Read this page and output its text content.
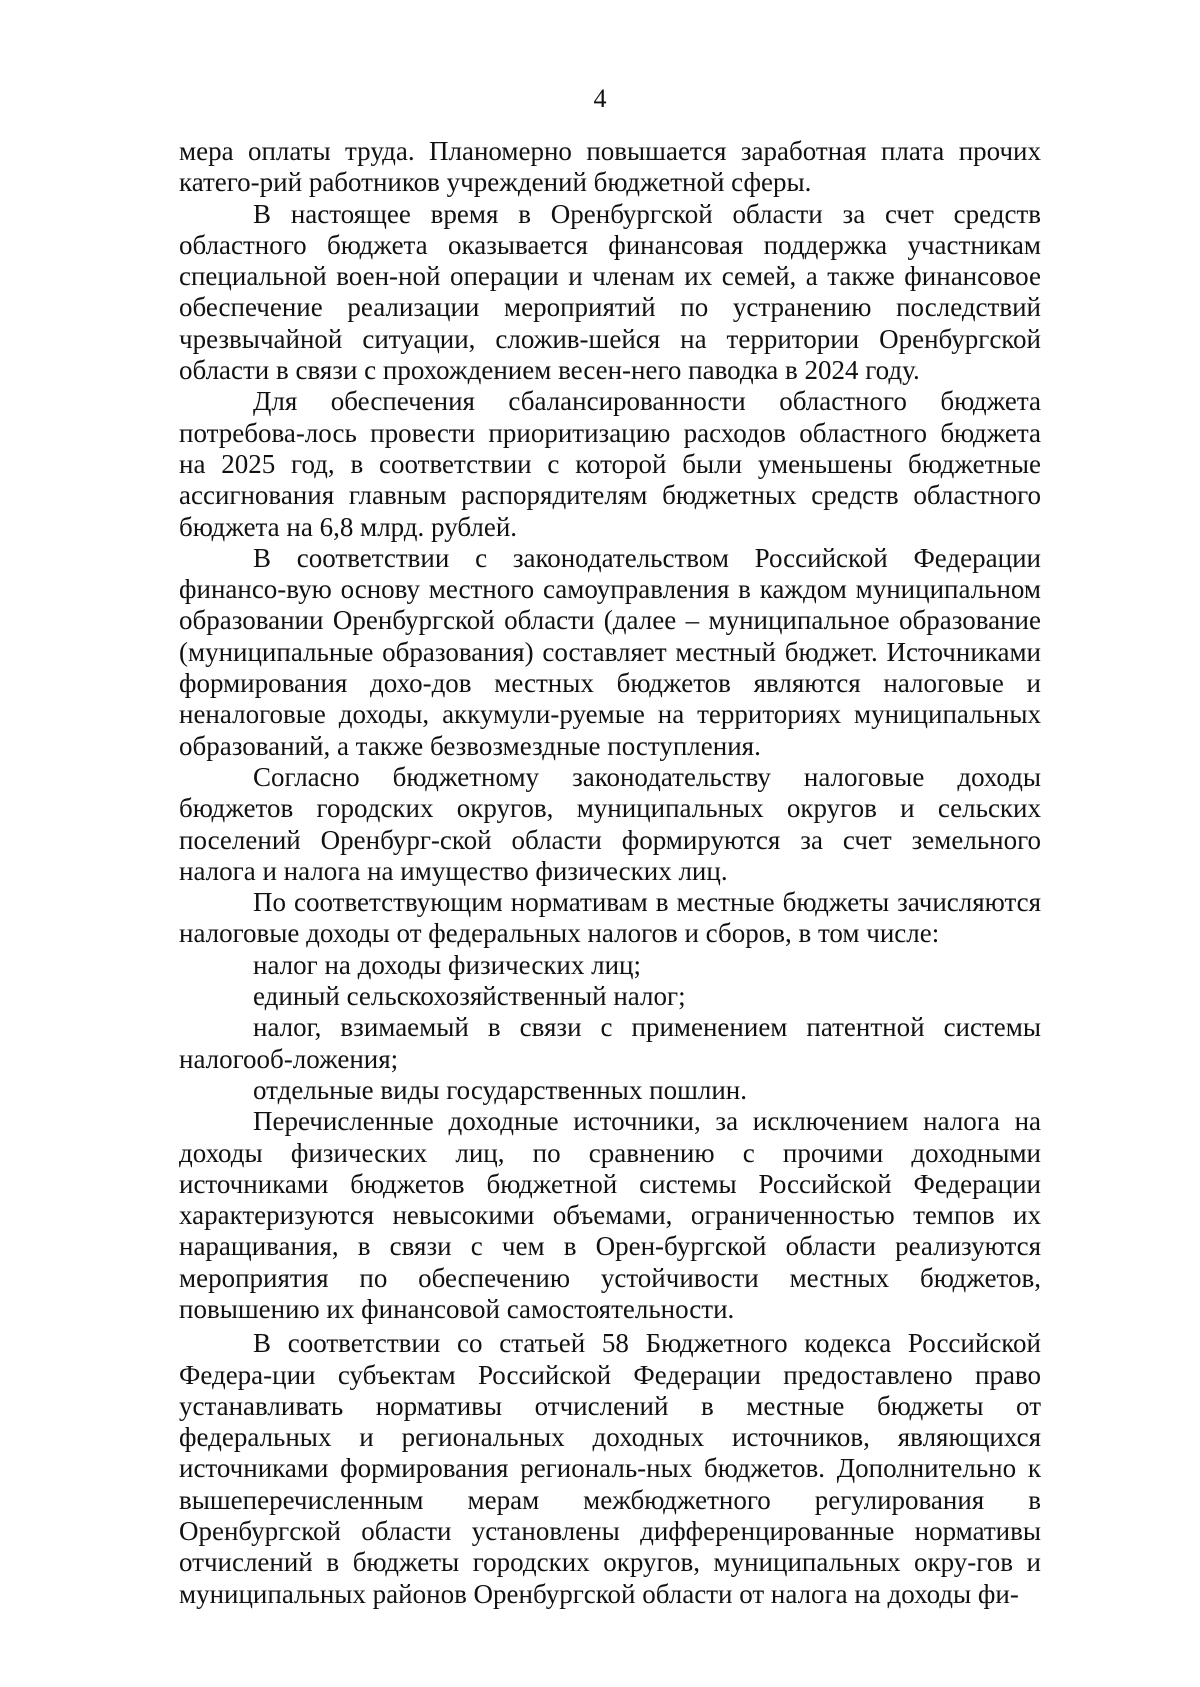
4

мера оплаты труда. Планомерно повышается заработная плата прочих катего-рий работников учреждений бюджетной сферы.

В настоящее время в Оренбургской области за счет средств областного бюджета оказывается финансовая поддержка участникам специальной воен-ной операции и членам их семей, а также финансовое обеспечение реализации мероприятий по устранению последствий чрезвычайной ситуации, сложив-шейся на территории Оренбургской области в связи с прохождением весен-него паводка в 2024 году.

Для обеспечения сбалансированности областного бюджета потребова-лось провести приоритизацию расходов областного бюджета на 2025 год, в соответствии с которой были уменьшены бюджетные ассигнования главным распорядителям бюджетных средств областного бюджета на 6,8 млрд. рублей.

В соответствии с законодательством Российской Федерации финансо-вую основу местного самоуправления в каждом муниципальном образовании Оренбургской области (далее – муниципальное образование (муниципальные образования) составляет местный бюджет. Источниками формирования дохо-дов местных бюджетов являются налоговые и неналоговые доходы, аккумули-руемые на территориях муниципальных образований, а также безвозмездные поступления.

Согласно бюджетному законодательству налоговые доходы бюджетов городских округов, муниципальных округов и сельских поселений Оренбург-ской области формируются за счет земельного налога и налога на имущество физических лиц.

По соответствующим нормативам в местные бюджеты зачисляются налоговые доходы от федеральных налогов и сборов, в том числе:

налог на доходы физических лиц;

единый сельскохозяйственный налог;

налог, взимаемый в связи с применением патентной системы налогооб-ложения;

отдельные виды государственных пошлин.

Перечисленные доходные источники, за исключением налога на доходы физических лиц, по сравнению с прочими доходными источниками бюджетов бюджетной системы Российской Федерации характеризуются невысокими объемами, ограниченностью темпов их наращивания, в связи с чем в Орен-бургской области реализуются мероприятия по обеспечению устойчивости местных бюджетов, повышению их финансовой самостоятельности.

В соответствии со статьей 58 Бюджетного кодекса Российской Федера-ции субъектам Российской Федерации предоставлено право устанавливать нормативы отчислений в местные бюджеты от федеральных и региональных доходных источников, являющихся источниками формирования региональ-ных бюджетов. Дополнительно к вышеперечисленным мерам межбюджетного регулирования в Оренбургской области установлены дифференцированные нормативы отчислений в бюджеты городских округов, муниципальных окру-гов и муниципальных районов Оренбургской области от налога на доходы фи-
